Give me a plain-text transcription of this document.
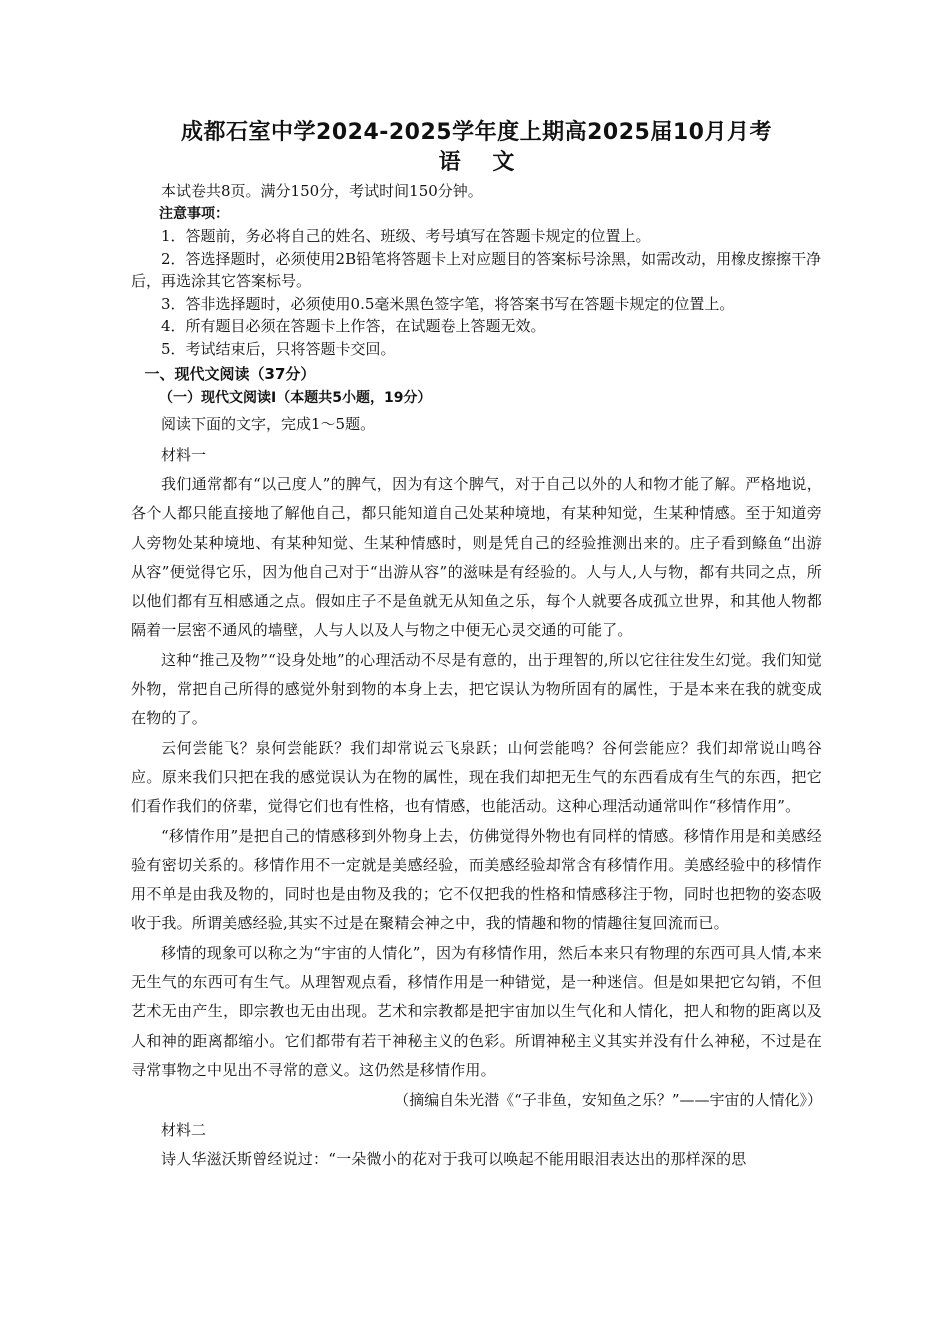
成都石室中学2024-2025学年度上期高2025届10月月考
语 文

本试卷共8页。满分150分，考试时间150分钟。

注意事项：

1．答题前，务必将自己的姓名、班级、考号填写在答题卡规定的位置上。

2．答选择题时，必须使用2B铅笔将答题卡上对应题目的答案标号涂黑，如需改动，用橡皮擦擦干净后，再选涂其它答案标号。

3．答非选择题时，必须使用0.5毫米黑色签字笔，将答案书写在答题卡规定的位置上。

4．所有题目必须在答题卡上作答，在试题卷上答题无效。

5．考试结束后，只将答题卡交回。

一、现代文阅读（37分）
（一）现代文阅读Ⅰ（本题共5小题，19分）

阅读下面的文字，完成1～5题。

材料一

我们通常都有“以己度人”的脾气，因为有这个脾气，对于自己以外的人和物才能了解。严格地说，各个人都只能直接地了解他自己，都只能知道自己处某种境地，有某种知觉，生某种情感。至于知道旁人旁物处某种境地、有某种知觉、生某种情感时，则是凭自己的经验推测出来的。庄子看到鲦鱼“出游从容”便觉得它乐，因为他自己对于“出游从容”的滋味是有经验的。人与人,人与物，都有共同之点，所以他们都有互相感通之点。假如庄子不是鱼就无从知鱼之乐，每个人就要各成孤立世界，和其他人物都隔着一层密不通风的墙壁，人与人以及人与物之中便无心灵交通的可能了。

这种“推己及物”“设身处地”的心理活动不尽是有意的，出于理智的,所以它往往发生幻觉。我们知觉外物，常把自己所得的感觉外射到物的本身上去，把它误认为物所固有的属性，于是本来在我的就变成在物的了。

云何尝能飞？泉何尝能跃？我们却常说云飞泉跃；山何尝能鸣？谷何尝能应？我们却常说山鸣谷应。原来我们只把在我的感觉误认为在物的属性，现在我们却把无生气的东西看成有生气的东西，把它们看作我们的侪辈，觉得它们也有性格，也有情感，也能活动。这种心理活动通常叫作“移情作用”。

“移情作用”是把自己的情感移到外物身上去，仿佛觉得外物也有同样的情感。移情作用是和美感经验有密切关系的。移情作用不一定就是美感经验，而美感经验却常含有移情作用。美感经验中的移情作用不单是由我及物的，同时也是由物及我的；它不仅把我的性格和情感移注于物，同时也把物的姿态吸收于我。所谓美感经验,其实不过是在聚精会神之中，我的情趣和物的情趣往复回流而已。

移情的现象可以称之为“宇宙的人情化”，因为有移情作用，然后本来只有物理的东西可具人情,本来无生气的东西可有生气。从理智观点看，移情作用是一种错觉，是一种迷信。但是如果把它勾销，不但艺术无由产生，即宗教也无由出现。艺术和宗教都是把宇宙加以生气化和人情化，把人和物的距离以及人和神的距离都缩小。它们都带有若干神秘主义的色彩。所谓神秘主义其实并没有什么神秘，不过是在寻常事物之中见出不寻常的意义。这仍然是移情作用。

（摘编自朱光潜《“子非鱼，安知鱼之乐？”——宇宙的人情化》）

材料二

诗人华滋沃斯曾经说过：“一朵微小的花对于我可以唤起不能用眼泪表达出的那样深的思
